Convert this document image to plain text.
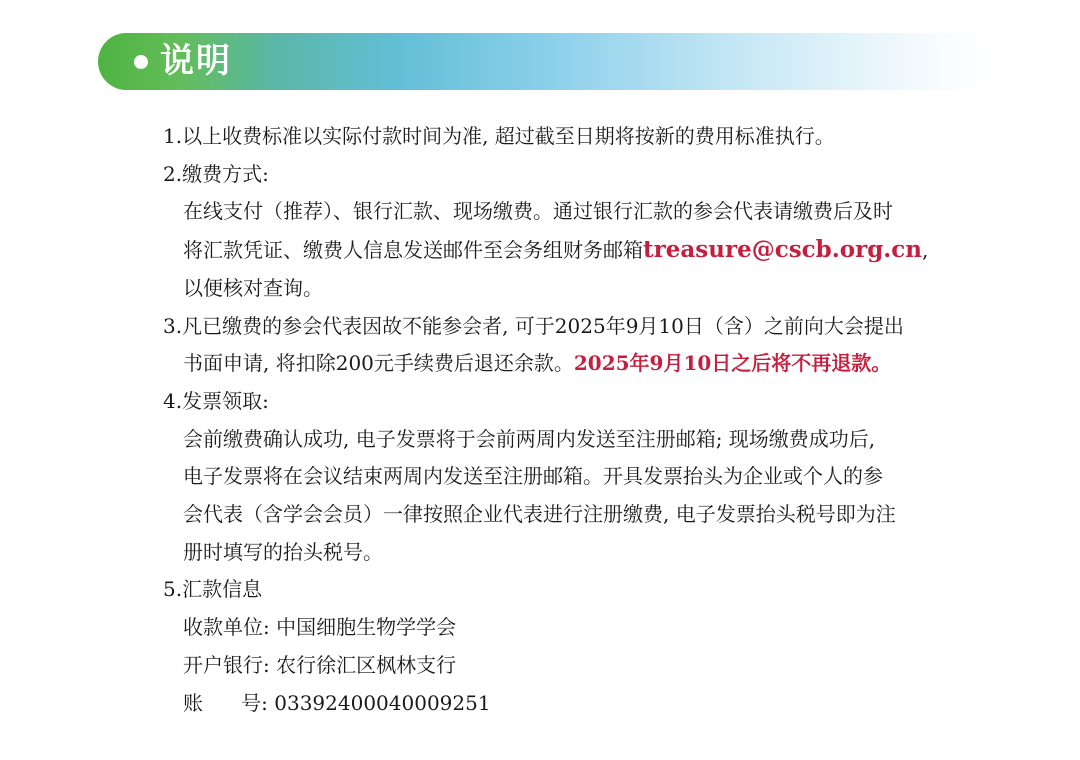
说明
1.以上收费标准以实际付款时间为准, 超过截至日期将按新的费用标准执行。
2.缴费方式:
在线支付（推荐）、银行汇款、现场缴费。通过银行汇款的参会代表请缴费后及时
将汇款凭证、缴费人信息发送邮件至会务组财务邮箱treasure@cscb.org.cn,
以便核对查询。
3.凡已缴费的参会代表因故不能参会者, 可于2025年9月10日（含）之前向大会提出
书面申请, 将扣除200元手续费后退还余款。2025年9月10日之后将不再退款。
4.发票领取:
会前缴费确认成功, 电子发票将于会前两周内发送至注册邮箱; 现场缴费成功后,
电子发票将在会议结束两周内发送至注册邮箱。开具发票抬头为企业或个人的参
会代表（含学会会员）一律按照企业代表进行注册缴费, 电子发票抬头税号即为注
册时填写的抬头税号。
5.汇款信息
收款单位: 中国细胞生物学学会
开户银行: 农行徐汇区枫林支行
账      号: 03392400040009251
